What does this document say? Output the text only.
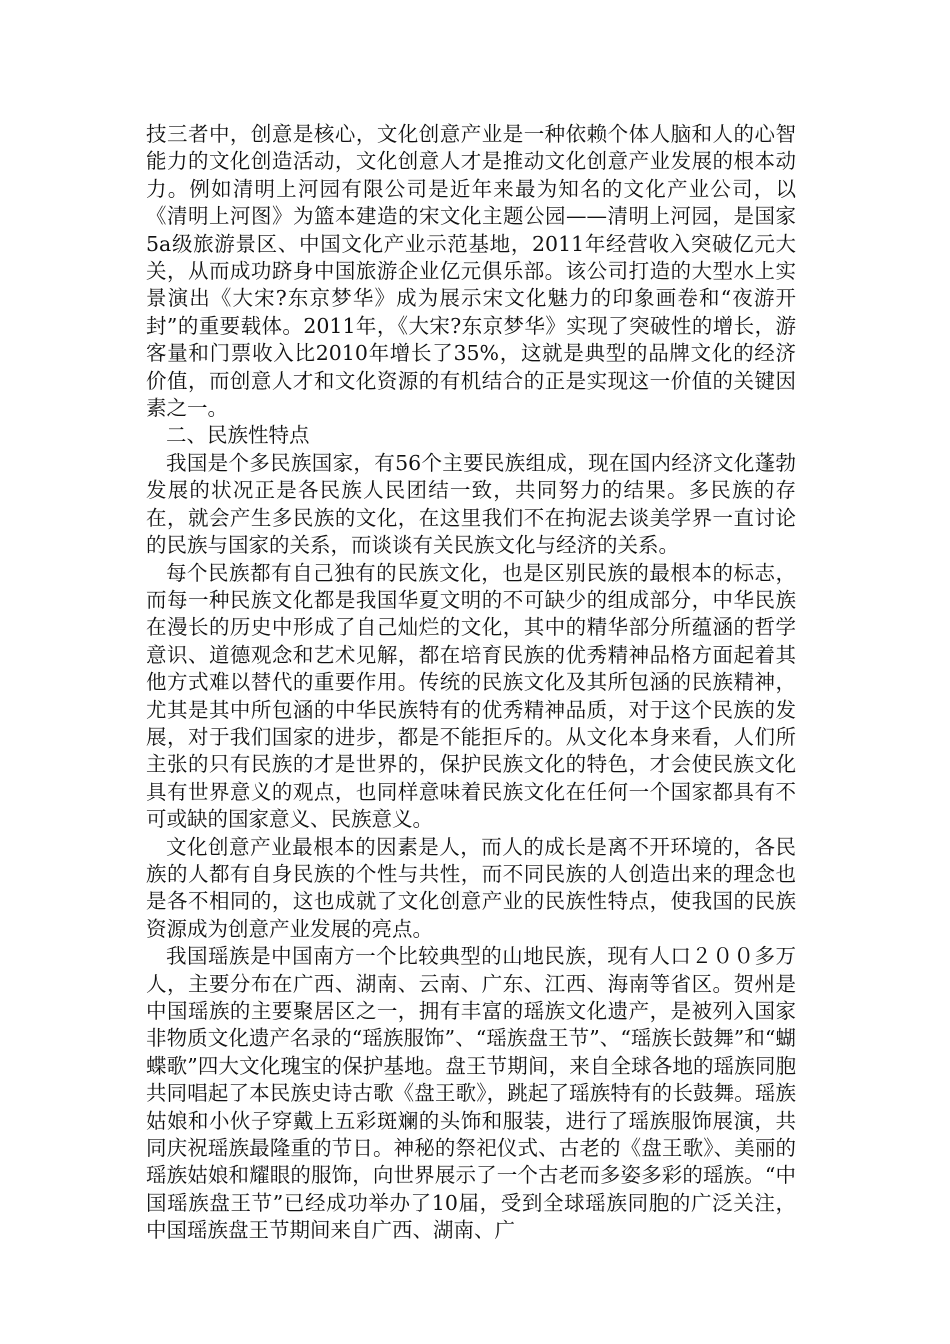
技三者中，创意是核心，文化创意产业是一种依赖个体人脑和人的心智能力的文化创造活动，文化创意人才是推动文化创意产业发展的根本动力。例如清明上河园有限公司是近年来最为知名的文化产业公司，以《清明上河图》为篮本建造的宋文化主题公园——清明上河园，是国家5a级旅游景区、中国文化产业示范基地，2011年经营收入突破亿元大关，从而成功跻身中国旅游企业亿元俱乐部。该公司打造的大型水上实景演出《大宋?东京梦华》成为展示宋文化魅力的印象画卷和“夜游开封”的重要载体。2011年，《大宋?东京梦华》实现了突破性的增长，游客量和门票收入比2010年增长了35%，这就是典型的品牌文化的经济价值，而创意人才和文化资源的有机结合的正是实现这一价值的关键因素之一。

二、民族性特点

我国是个多民族国家，有56个主要民族组成，现在国内经济文化蓬勃发展的状况正是各民族人民团结一致，共同努力的结果。多民族的存在，就会产生多民族的文化，在这里我们不在拘泥去谈美学界一直讨论的民族与国家的关系，而谈谈有关民族文化与经济的关系。

每个民族都有自己独有的民族文化，也是区别民族的最根本的标志，而每一种民族文化都是我国华夏文明的不可缺少的组成部分，中华民族在漫长的历史中形成了自己灿烂的文化，其中的精华部分所蕴涵的哲学意识、道德观念和艺术见解，都在培育民族的优秀精神品格方面起着其他方式难以替代的重要作用。传统的民族文化及其所包涵的民族精神，尤其是其中所包涵的中华民族特有的优秀精神品质，对于这个民族的发展，对于我们国家的进步，都是不能拒斥的。从文化本身来看，人们所主张的只有民族的才是世界的，保护民族文化的特色，才会使民族文化具有世界意义的观点，也同样意味着民族文化在任何一个国家都具有不可或缺的国家意义、民族意义。

文化创意产业最根本的因素是人，而人的成长是离不开环境的，各民族的人都有自身民族的个性与共性，而不同民族的人创造出来的理念也是各不相同的，这也成就了文化创意产业的民族性特点，使我国的民族资源成为创意产业发展的亮点。

我国瑶族是中国南方一个比较典型的山地民族，现有人口２００多万人，主要分布在广西、湖南、云南、广东、江西、海南等省区。贺州是中国瑶族的主要聚居区之一，拥有丰富的瑶族文化遗产，是被列入国家非物质文化遗产名录的“瑶族服饰”、“瑶族盘王节”、“瑶族长鼓舞”和“蝴蝶歌”四大文化瑰宝的保护基地。盘王节期间，来自全球各地的瑶族同胞共同唱起了本民族史诗古歌《盘王歌》，跳起了瑶族特有的长鼓舞。瑶族姑娘和小伙子穿戴上五彩斑斓的头饰和服装，进行了瑶族服饰展演，共同庆祝瑶族最隆重的节日。神秘的祭祀仪式、古老的《盘王歌》、美丽的瑶族姑娘和耀眼的服饰，向世界展示了一个古老而多姿多彩的瑶族。“中国瑶族盘王节”已经成功举办了10届，受到全球瑶族同胞的广泛关注，中国瑶族盘王节期间来自广西、湖南、广
